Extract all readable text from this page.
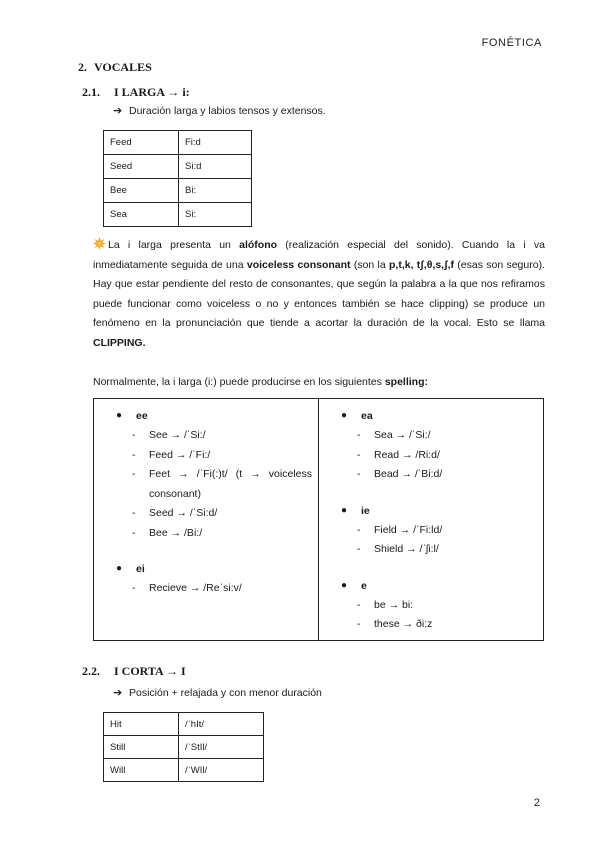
FONÉTICA
2. VOCALES
2.1. I LARGA → i:
➔ Duración larga y labios tensos y extensos.
Feed	Fi:d
Seed	Si:d
Bee	Bi:
Sea	Si:
La i larga presenta un alófono (realización especial del sonido). Cuando la i va inmediatamente seguida de una voiceless consonant (son la p,t,k, tʃ,θ,s,ʃ,f (esas son seguro). Hay que estar pendiente del resto de consonantes, que según la palabra a la que nos refiramos puede funcionar como voiceless o no y entonces también se hace clipping) se produce un fenómeno en la pronunciación que tiende a acortar la duración de la vocal. Esto se llama CLIPPING.
Normalmente, la i larga (i:) puede producirse en los siguientes spelling:
● ee
- See → /ˈSi:/
- Feed → /ˈFi:/
- Feet → /ˈFi(:)t/ (t → voiceless consonant)
- Seed → /ˈSi:d/
- Bee → /Bi:/
● ei
- Recieve → /Reˈsi:v/
● ea
- Sea → /ˈSi:/
- Read → /Ri:d/
- Bead → /ˈBi:d/
● ie
- Field → /ˈFi:ld/
- Shield → /ˈʃi:l/
● e
- be → bi:
- these → ði:z
2.2. I CORTA → I
➔ Posición + relajada y con menor duración
Hit	/ˈhIt/
Still	/ˈStIl/
Will	/ˈWIl/
2
